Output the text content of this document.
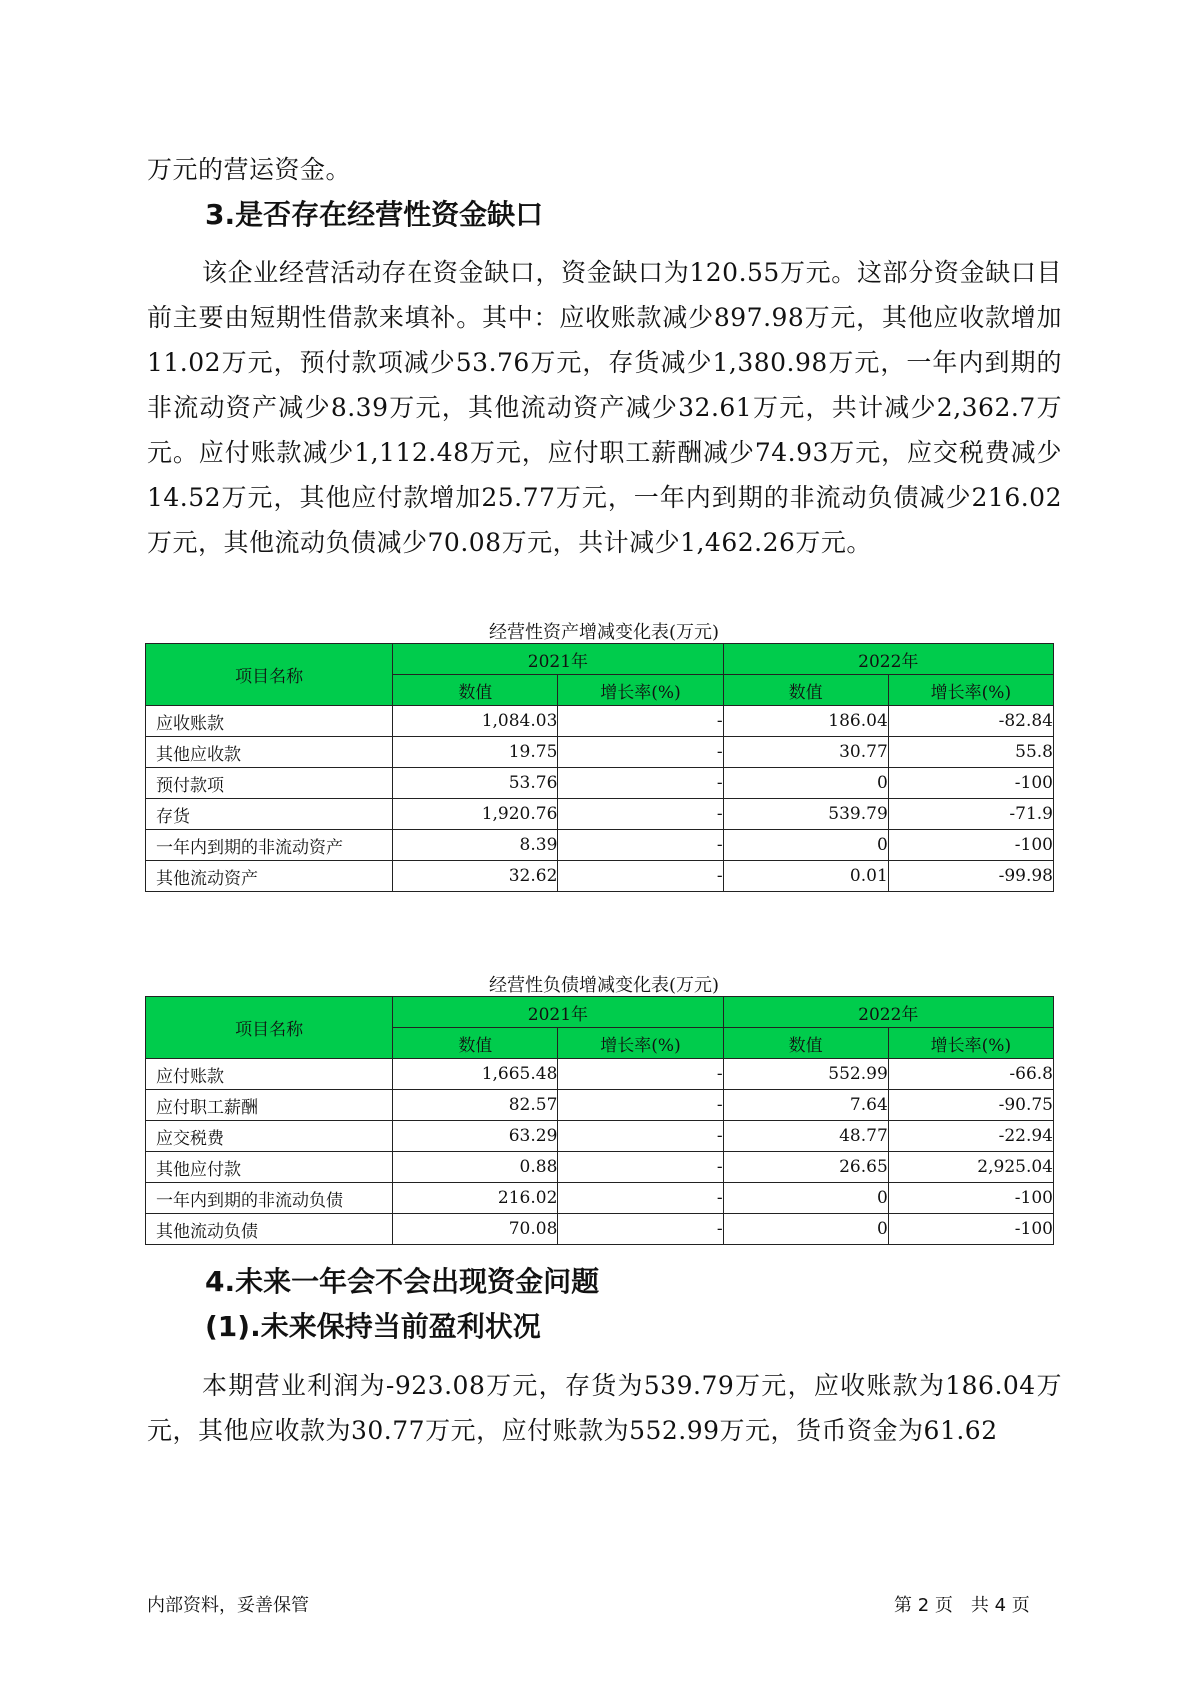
万元的营运资金。
3.是否存在经营性资金缺口
该企业经营活动存在资金缺口，资金缺口为120.55万元。这部分资金缺口目前主要由短期性借款来填补。其中：应收账款减少897.98万元，其他应收款增加11.02万元，预付款项减少53.76万元，存货减少1,380.98万元，一年内到期的非流动资产减少8.39万元，其他流动资产减少32.61万元，共计减少2,362.7万元。应付账款减少1,112.48万元，应付职工薪酬减少74.93万元，应交税费减少14.52万元，其他应付款增加25.77万元，一年内到期的非流动负债减少216.02万元，其他流动负债减少70.08万元，共计减少1,462.26万元。
经营性资产增减变化表(万元)
项目名称	2021年		2022年	
	数值	增长率(%)	数值	增长率(%)
应收账款	1,084.03	-	186.04	-82.84
其他应收款	19.75	-	30.77	55.8
预付款项	53.76	-	0	-100
存货	1,920.76	-	539.79	-71.9
一年内到期的非流动资产	8.39	-	0	-100
其他流动资产	32.62	-	0.01	-99.98
经营性负债增减变化表(万元)
项目名称	2021年		2022年	
	数值	增长率(%)	数值	增长率(%)
应付账款	1,665.48	-	552.99	-66.8
应付职工薪酬	82.57	-	7.64	-90.75
应交税费	63.29	-	48.77	-22.94
其他应付款	0.88	-	26.65	2,925.04
一年内到期的非流动负债	216.02	-	0	-100
其他流动负债	70.08	-	0	-100
4.未来一年会不会出现资金问题
(1).未来保持当前盈利状况
本期营业利润为-923.08万元，存货为539.79万元，应收账款为186.04万元，其他应收款为30.77万元，应付账款为552.99万元，货币资金为61.62
内部资料，妥善保管	第 2 页　共 4 页
